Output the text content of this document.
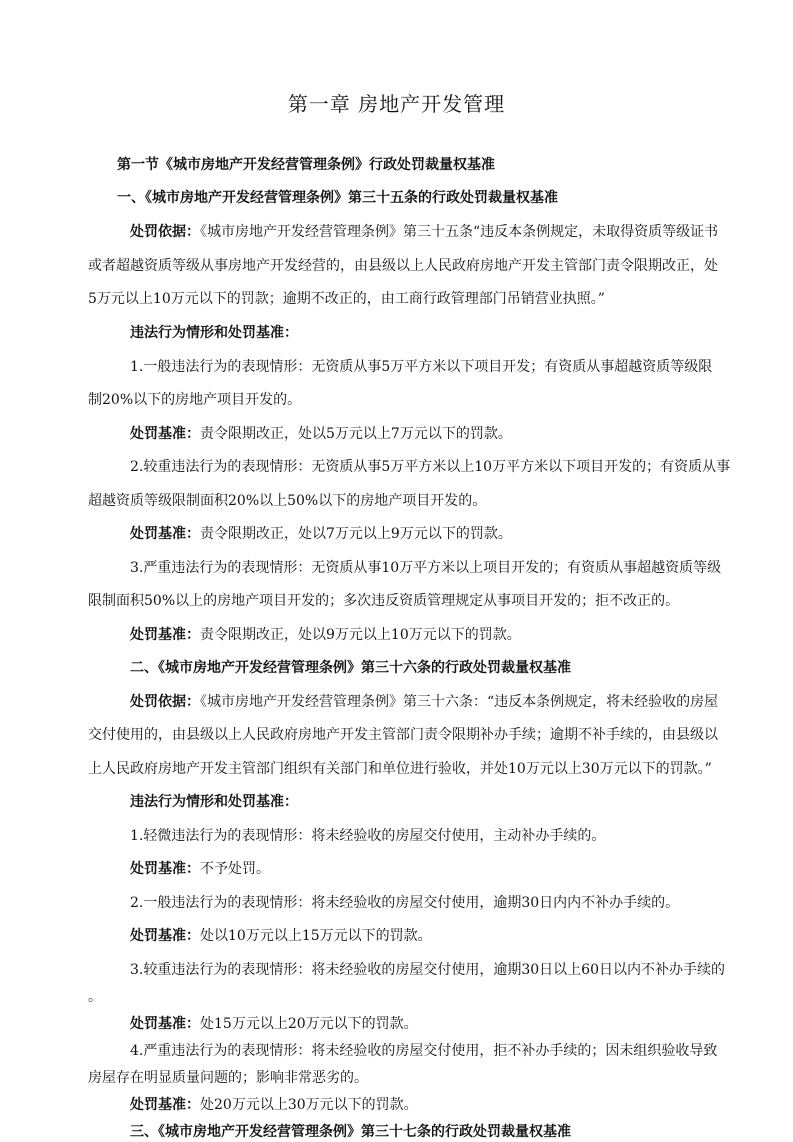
第一章 房地产开发管理
第一节《城市房地产开发经营管理条例》行政处罚裁量权基准
一、《城市房地产开发经营管理条例》第三十五条的行政处罚裁量权基准
处罚依据：《城市房地产开发经营管理条例》第三十五条“违反本条例规定，未取得资质等级证书
或者超越资质等级从事房地产开发经营的，由县级以上人民政府房地产开发主管部门责令限期改正，处
5万元以上10万元以下的罚款；逾期不改正的，由工商行政管理部门吊销营业执照。”
违法行为情形和处罚基准：
1.一般违法行为的表现情形：无资质从事5万平方米以下项目开发；有资质从事超越资质等级限
制20%以下的房地产项目开发的。
处罚基准：责令限期改正，处以5万元以上7万元以下的罚款。
2.较重违法行为的表现情形：无资质从事5万平方米以上10万平方米以下项目开发的；有资质从事
超越资质等级限制面积20%以上50%以下的房地产项目开发的。
处罚基准：责令限期改正，处以7万元以上9万元以下的罚款。
3.严重违法行为的表现情形：无资质从事10万平方米以上项目开发的；有资质从事超越资质等级
限制面积50%以上的房地产项目开发的；多次违反资质管理规定从事项目开发的；拒不改正的。
处罚基准：责令限期改正，处以9万元以上10万元以下的罚款。
二、《城市房地产开发经营管理条例》第三十六条的行政处罚裁量权基准
处罚依据：《城市房地产开发经营管理条例》第三十六条：“违反本条例规定，将未经验收的房屋
交付使用的，由县级以上人民政府房地产开发主管部门责令限期补办手续；逾期不补手续的，由县级以
上人民政府房地产开发主管部门组织有关部门和单位进行验收，并处10万元以上30万元以下的罚款。”
违法行为情形和处罚基准：
1.轻微违法行为的表现情形：将未经验收的房屋交付使用，主动补办手续的。
处罚基准：不予处罚。
2.一般违法行为的表现情形：将未经验收的房屋交付使用，逾期30日内内不补办手续的。
处罚基准：处以10万元以上15万元以下的罚款。
3.较重违法行为的表现情形：将未经验收的房屋交付使用，逾期30日以上60日以内不补办手续的
。
处罚基准：处15万元以上20万元以下的罚款。
4.严重违法行为的表现情形：将未经验收的房屋交付使用，拒不补办手续的；因未组织验收导致
房屋存在明显质量问题的；影响非常恶劣的。
处罚基准：处20万元以上30万元以下的罚款。
三、《城市房地产开发经营管理条例》第三十七条的行政处罚裁量权基准
